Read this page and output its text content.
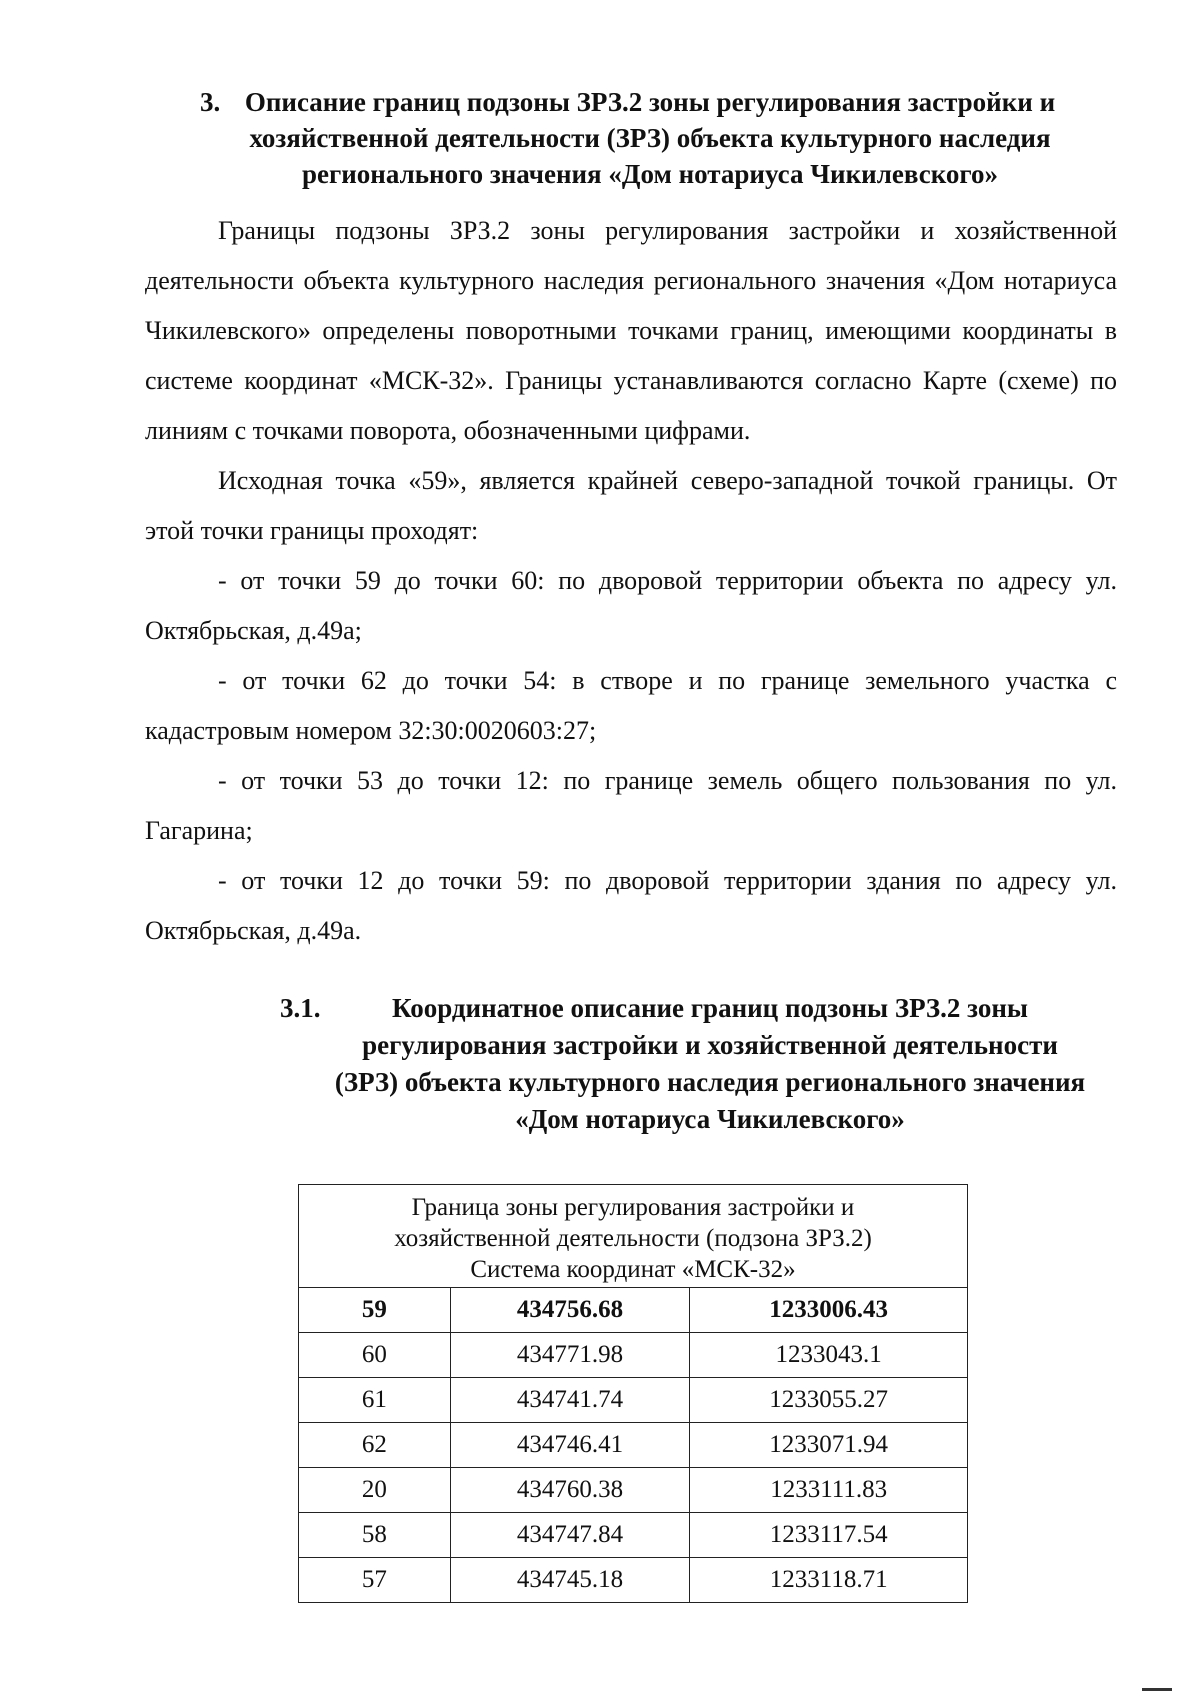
3. Описание границ подзоны ЗРЗ.2 зоны регулирования застройки и хозяйственной деятельности (ЗРЗ) объекта культурного наследия регионального значения «Дом нотариуса Чикилевского»

Границы подзоны ЗРЗ.2 зоны регулирования застройки и хозяйственной деятельности объекта культурного наследия регионального значения «Дом нотариуса Чикилевского» определены поворотными точками границ, имеющими координаты в системе координат «МСК-32». Границы устанавливаются согласно Карте (схеме) по линиям с точками поворота, обозначенными цифрами.

Исходная точка «59», является крайней северо-западной точкой границы. От этой точки границы проходят:

- от точки 59 до точки 60: по дворовой территории объекта по адресу ул. Октябрьская, д.49а;

- от точки 62 до точки 54: в створе и по границе земельного участка с кадастровым номером 32:30:0020603:27;

- от точки 53 до точки 12: по границе земель общего пользования по ул. Гагарина;

- от точки 12 до точки 59: по дворовой территории здания по адресу ул. Октябрьская, д.49а.

3.1.	Координатное описание границ подзоны ЗРЗ.2 зоны регулирования застройки и хозяйственной деятельности (ЗРЗ) объекта культурного наследия регионального значения «Дом нотариуса Чикилевского»
Граница зоны регулирования застройки и
хозяйственной деятельности (подзона ЗРЗ.2)
Система координат «МСК-32»		
59	434756.68	1233006.43
60	434771.98	1233043.1
61	434741.74	1233055.27
62	434746.41	1233071.94
20	434760.38	1233111.83
58	434747.84	1233117.54
57	434745.18	1233118.71
